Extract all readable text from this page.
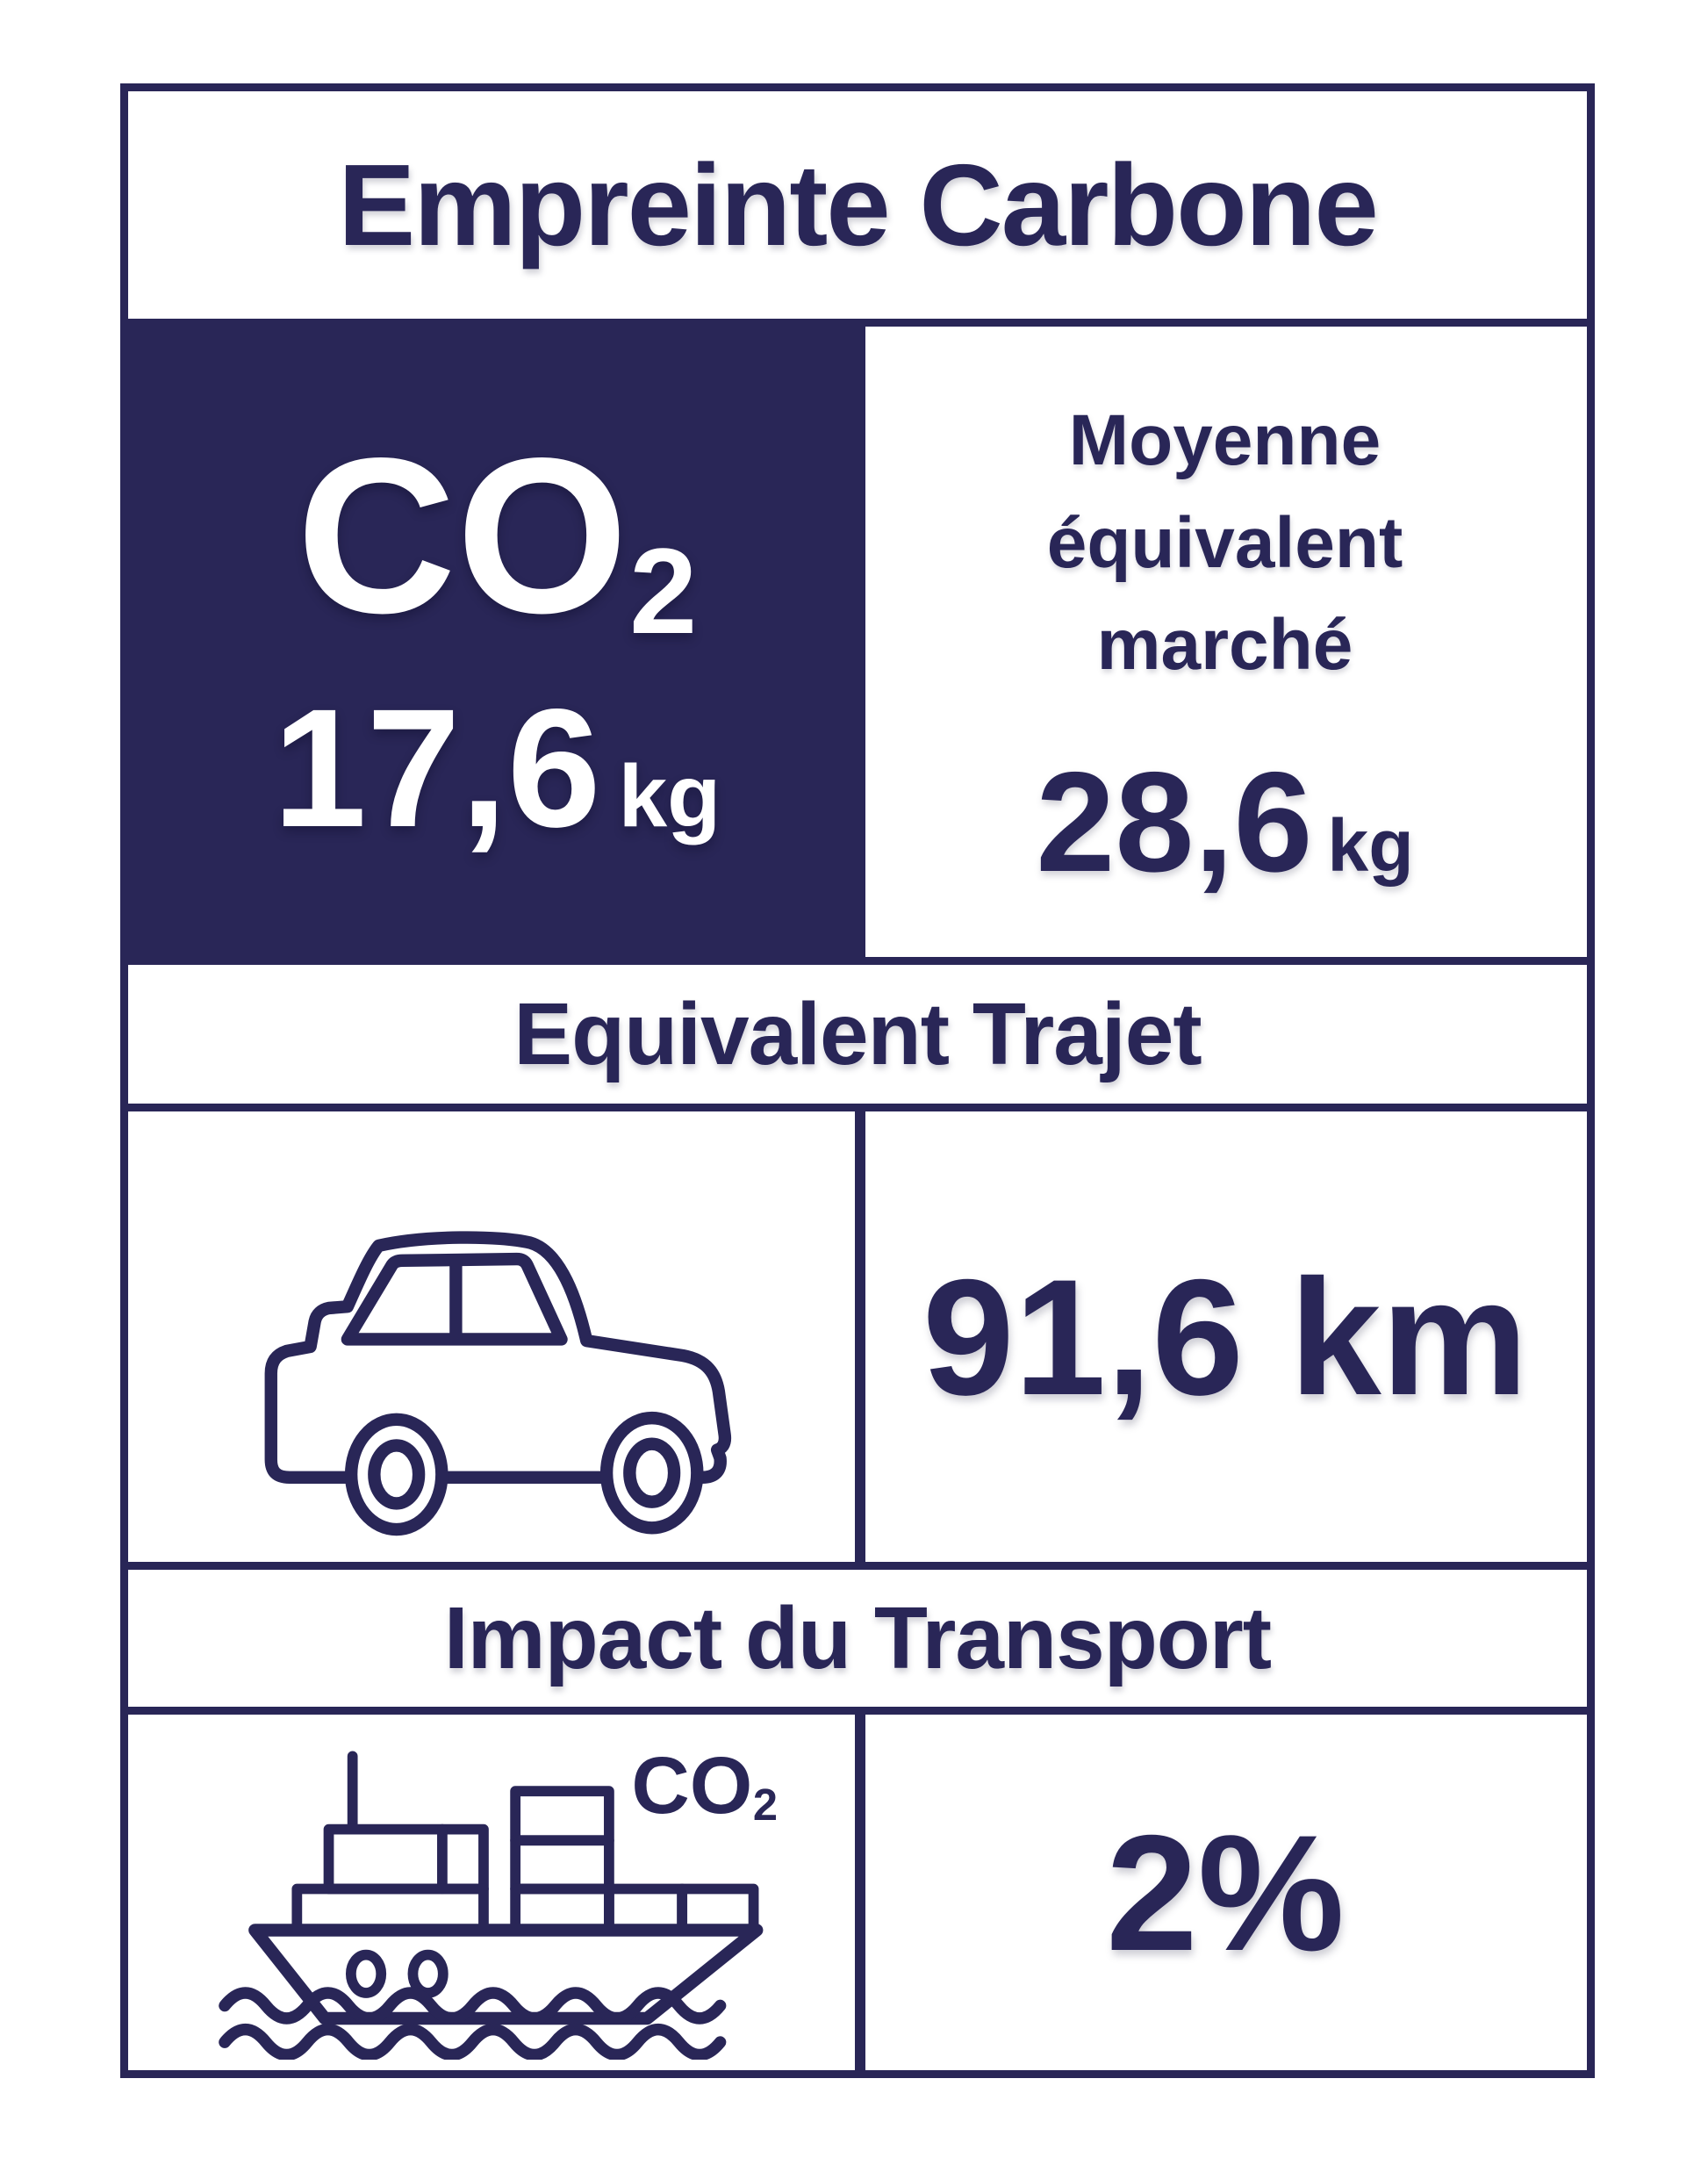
Empreinte Carbone
CO2
17,6 kg
Moyenne
équivalent
marché
28,6 kg
Equivalent Trajet
91,6 km
Impact du Transport
CO2 2%
